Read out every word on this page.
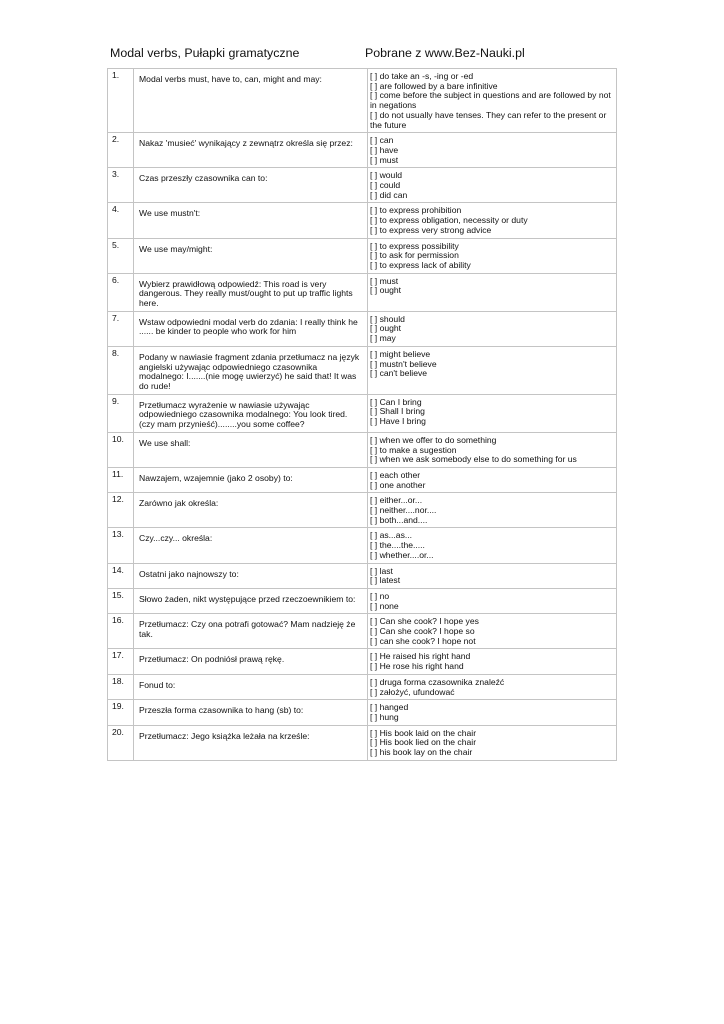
Modal verbs, Pułapki gramatyczne	Pobrane z www.Bez-Nauki.pl
1.	Modal verbs must, have to, can, might and may:	[ ] do take an -s, -ing or -ed
[ ] are followed by a bare infinitive
[ ] come before the subject in questions and are followed by not in negations
[ ] do not usually have tenses. They can refer to the present or the future

2.	Nakaz 'musieć' wynikający z zewnątrz określa się przez:	[ ] can
[ ] have
[ ] must

3.	Czas przeszły czasownika can to:	[ ] would
[ ] could
[ ] did can

4.	We use mustn't:	[ ] to express prohibition
[ ] to express obligation, necessity or duty
[ ] to express very strong advice

5.	We use may/might:	[ ] to express possibility
[ ] to ask for permission
[ ] to express lack of ability

6.	Wybierz prawidłową odpowiedź: This road is very dangerous. They really must/ought to put up traffic lights here.	[ ] must
[ ] ought

7.	Wstaw odpowiedni modal verb do zdania: I really think he ...... be kinder to people who work for him	[ ] should
[ ] ought
[ ] may

8.	Podany w nawiasie fragment zdania przetłumacz na język angielski używając odpowiedniego czasownika modalnego: I.......(nie mogę uwierzyć) he said that! It was do rude!	[ ] might believe
[ ] mustn't believe
[ ] can't believe

9.	Przetłumacz wyrażenie w nawiasie używając odpowiedniego czasownika modalnego: You look tired. (czy mam przynieść)........you some coffee?	[ ] Can I bring
[ ] Shall I bring
[ ] Have I bring

10.	We use shall:	[ ] when we offer to do something
[ ] to make a sugestion
[ ] when we ask somebody else to do something for us

11.	Nawzajem, wzajemnie (jako 2 osoby) to:	[ ] each other
[ ] one another

12.	Zarówno jak określa:	[ ] either...or...
[ ] neither....nor....
[ ] both...and....

13.	Czy...czy... określa:	[ ] as...as...
[ ] the....the.....
[ ] whether....or...

14.	Ostatni jako najnowszy to:	[ ] last
[ ] latest

15.	Słowo żaden, nikt występujące przed rzeczoewnikiem to:	[ ] no
[ ] none

16.	Przetłumacz: Czy ona potrafi gotować? Mam nadzieję że tak.	[ ] Can she cook? I hope yes
[ ] Can she cook? I hope so
[ ] can she cook? I hope not

17.	Przetłumacz: On podniósł prawą rękę.	[ ] He raised his right hand
[ ] He rose his right hand

18.	Fonud to:	[ ] druga forma czasownika znaleźć
[ ] założyć, ufundować

19.	Przeszła forma czasownika to hang (sb) to:	[ ] hanged
[ ] hung

20.	Przetłumacz: Jego książka leżała na krześle:	[ ] His book laid on the chair
[ ] His book lied on the chair
[ ] his book lay on the chair
